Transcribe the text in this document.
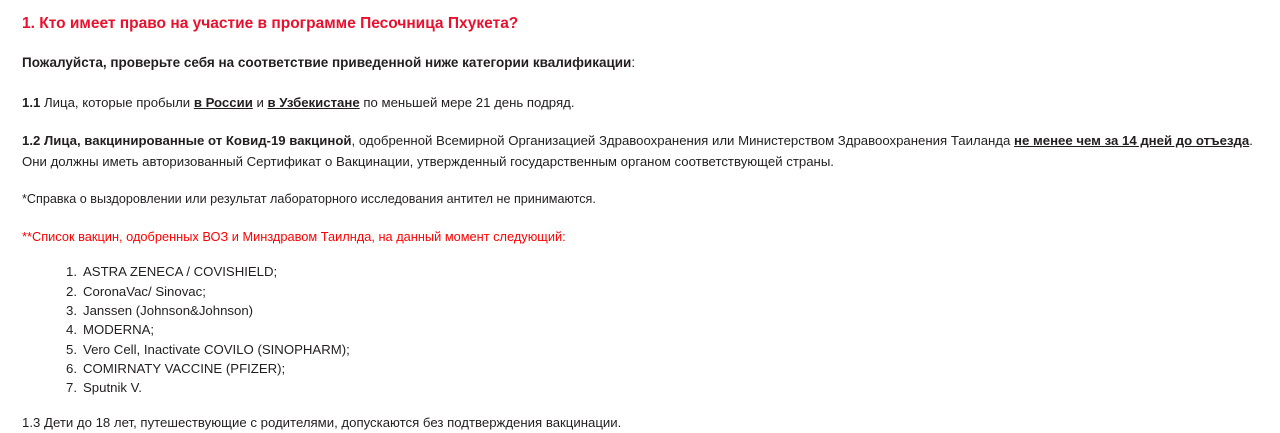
1. Кто имеет право на участие в программе Песочница Пхукета?

Пожалуйста, проверьте себя на соответствие приведенной ниже категории квалификации:

1.1 Лица, которые пробыли в России и в Узбекистане по меньшей мере 21 день подряд.

1.2 Лица, вакцинированные от Ковид-19 вакциной, одобренной Всемирной Организацией Здравоохранения или Министерством Здравоохранения Таиланда не менее чем за 14 дней до отъезда. Они должны иметь авторизованный Сертификат о Вакцинации, утвержденный государственным органом соответствующей страны.

*Справка о выздоровлении или результат лабораторного исследования антител не принимаются.

**Список вакцин, одобренных ВОЗ и Минздравом Таилнда, на данный момент следующий:

1. ASTRA ZENECA / COVISHIELD;
2. CoronaVac/ Sinovac;
3. Janssen (Johnson&Johnson)
4. MODERNA;
5. Vero Cell, Inactivate COVILO (SINOPHARM);
6. COMIRNATY VACCINE (PFIZER);
7. Sputnik V.

1.3 Дети до 18 лет, путешествующие с родителями, допускаются без подтверждения вакцинации.
